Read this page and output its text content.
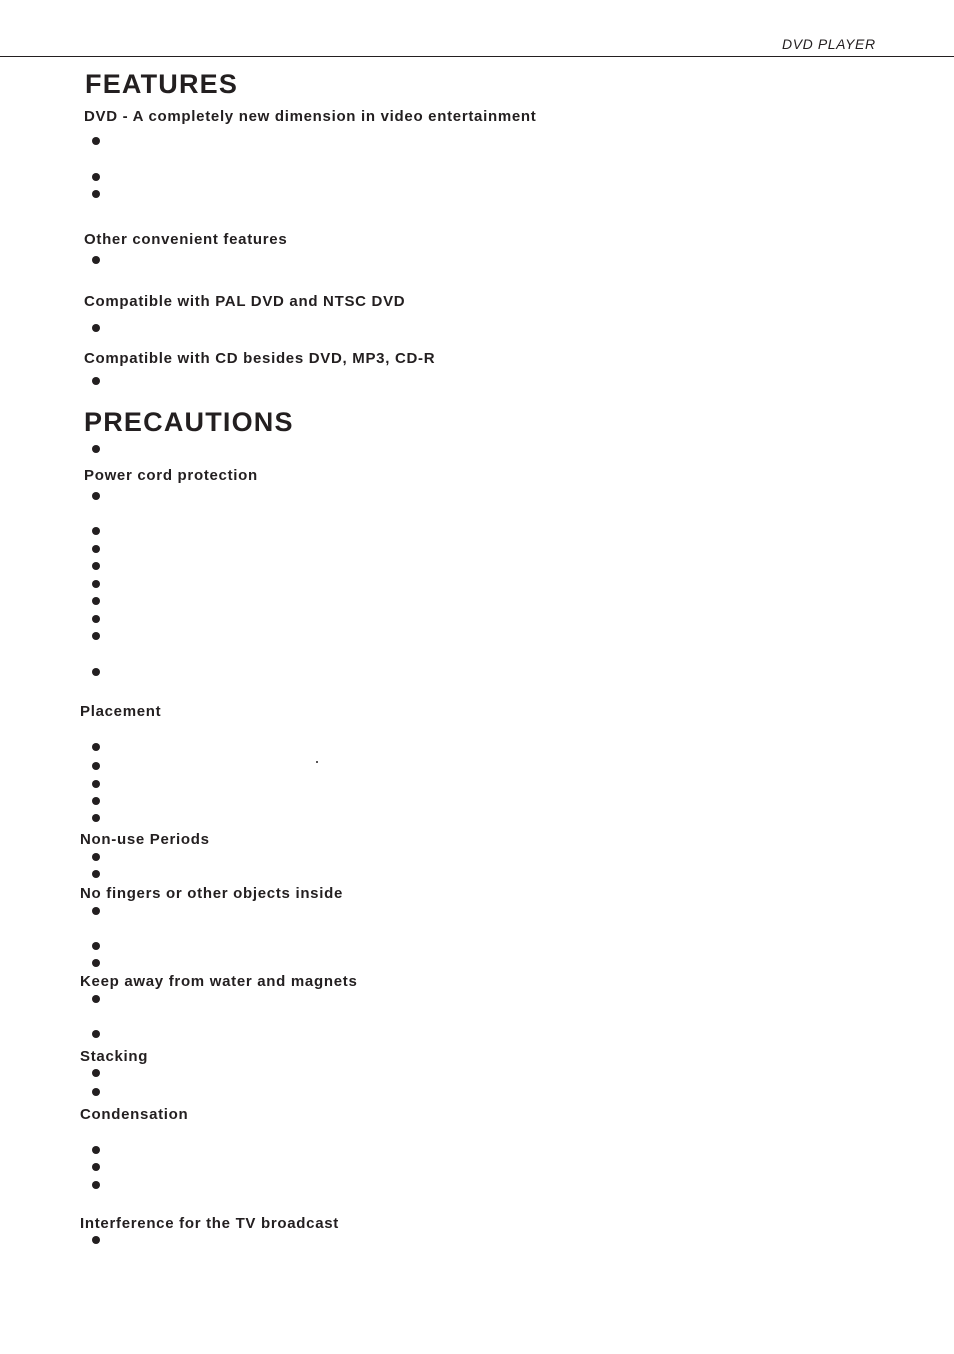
DVD PLAYER
FEATURES
DVD - A completely new dimension in video entertainment
Other convenient features
Compatible with PAL DVD and NTSC DVD
Compatible with CD besides DVD, MP3, CD-R
PRECAUTIONS
Power cord protection
Placement
Non-use Periods
No fingers or other objects inside
Keep away from water and magnets
Stacking
Condensation
Interference for the TV broadcast
